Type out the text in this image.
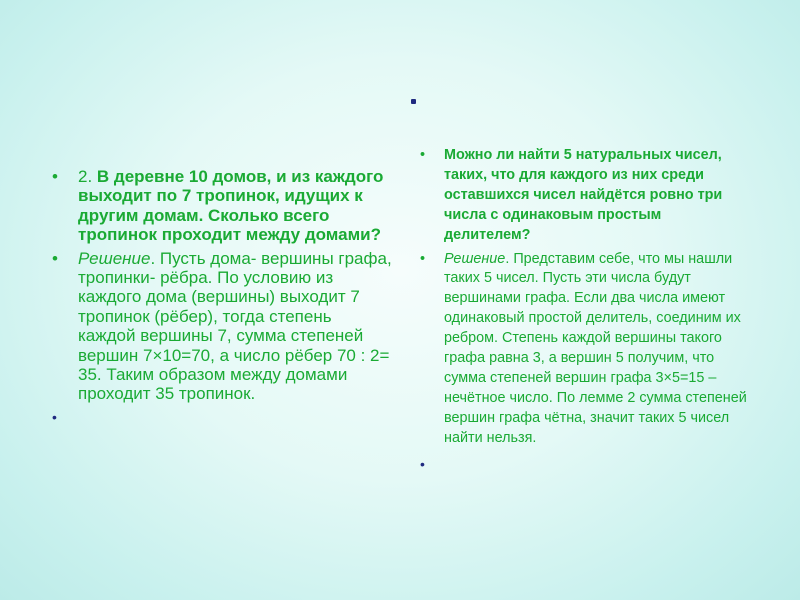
• 2. В деревне 10 домов, и из каждого выходит по 7 тропинок, идущих к другим домам. Сколько всего тропинок проходит между домами?
• Решение. Пусть дома- вершины графа, тропинки- рёбра. По условию из каждого дома (вершины) выходит 7 тропинок (рёбер), тогда степень каждой вершины 7, сумма степеней вершин 7×10=70, а число рёбер 70 : 2= 35. Таким образом между домами проходит 35 тропинок.
•
• Можно ли найти 5 натуральных чисел, таких, что для каждого из них среди оставшихся чисел найдётся ровно три числа с одинаковым простым делителем?
• Решение. Представим себе, что мы нашли таких 5 чисел. Пусть эти числа будут вершинами графа. Если два числа имеют одинаковый простой делитель, соединим их ребром. Степень каждой вершины такого графа равна 3, а вершин 5 получим, что сумма степеней вершин графа 3×5=15 – нечётное число. По лемме 2 сумма степеней вершин графа чётна, значит таких 5 чисел найти нельзя.
•
